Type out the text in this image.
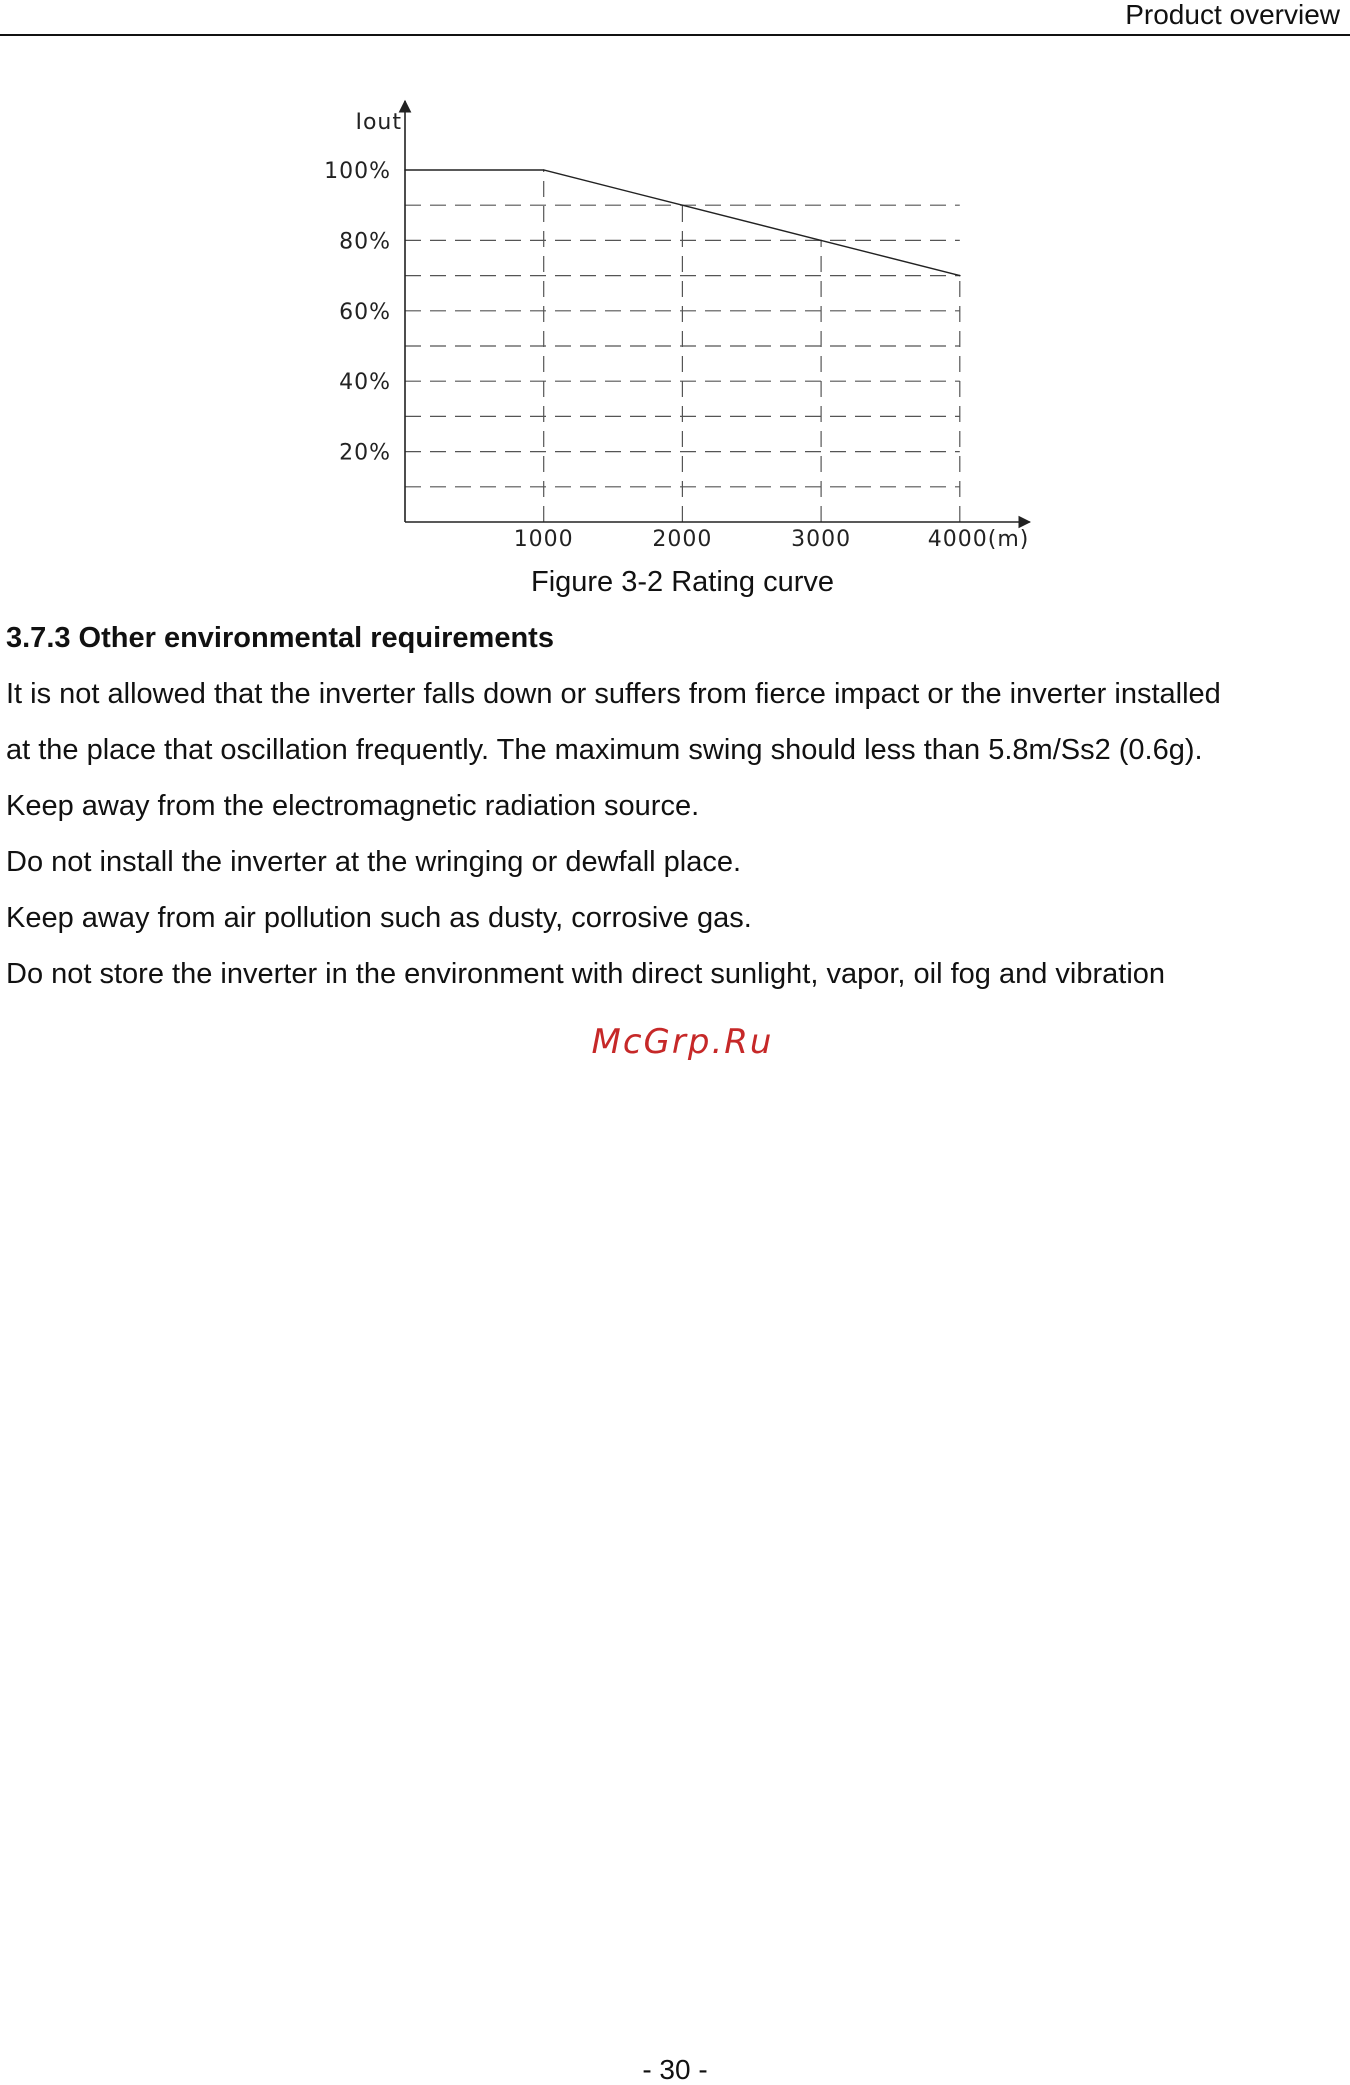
Product overview
Iout
100%
80%
60%
40%
20%
1000	2000	3000	4000(m)
Figure 3-2 Rating curve
3.7.3 Other environmental requirements
It is not allowed that the inverter falls down or suffers from fierce impact or the inverter installed
at the place that oscillation frequently. The maximum swing should less than 5.8m/Ss2 (0.6g).
Keep away from the electromagnetic radiation source.
Do not install the inverter at the wringing or dewfall place.
Keep away from air pollution such as dusty, corrosive gas.
Do not store the inverter in the environment with direct sunlight, vapor, oil fog and vibration
McGrp.Ru
- 30 -
